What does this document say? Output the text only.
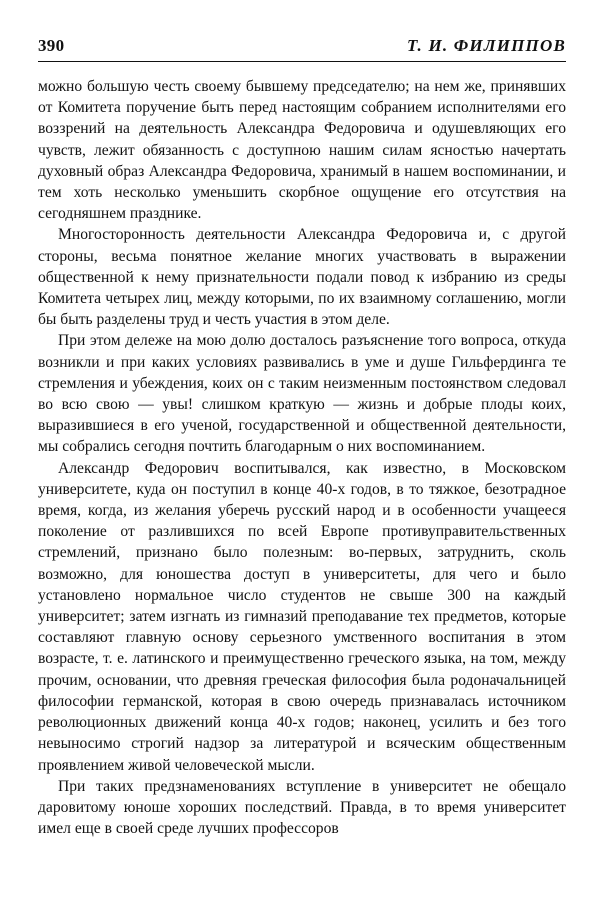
390	Т. И. ФИЛИППОВ

можно большую честь своему бывшему председателю; на нем же, принявших от Комитета поручение быть перед настоящим собранием исполнителями его воззрений на деятельность Александра Федоровича и одушевляющих его чувств, лежит обязанность с доступною нашим силам ясностью начертать духовный образ Александра Федоровича, хранимый в нашем воспоминании, и тем хоть несколько уменьшить скорбное ощущение его отсутствия на сегодняшнем празднике.

Многосторонность деятельности Александра Федоровича и, с другой стороны, весьма понятное желание многих участвовать в выражении общественной к нему признательности подали повод к избранию из среды Комитета четырех лиц, между которыми, по их взаимному соглашению, могли бы быть разделены труд и честь участия в этом деле.

При этом дележе на мою долю досталось разъяснение того вопроса, откуда возникли и при каких условиях развивались в уме и душе Гильфердинга те стремления и убеждения, коих он с таким неизменным постоянством следовал во всю свою — увы! слишком краткую — жизнь и добрые плоды коих, выразившиеся в его ученой, государственной и общественной деятельности, мы собрались сегодня почтить благодарным о них воспоминанием.

Александр Федорович воспитывался, как известно, в Московском университете, куда он поступил в конце 40-х годов, в то тяжкое, безотрадное время, когда, из желания уберечь русский народ и в особенности учащееся поколение от разлившихся по всей Европе противуправительственных стремлений, признано было полезным: во-первых, затруднить, сколь возможно, для юношества доступ в университеты, для чего и было установлено нормальное число студентов не свыше 300 на каждый университет; затем изгнать из гимназий преподавание тех предметов, которые составляют главную основу серьезного умственного воспитания в этом возрасте, т. е. латинского и преимущественно греческого языка, на том, между прочим, основании, что древняя греческая философия была родоначальницей философии германской, которая в свою очередь признавалась источником революционных движений конца 40-х годов; наконец, усилить и без того невыносимо строгий надзор за литературой и всяческим общественным проявлением живой человеческой мысли.

При таких предзнаменованиях вступление в университет не обещало даровитому юноше хороших последствий. Правда, в то время университет имел еще в своей среде лучших профессоров
